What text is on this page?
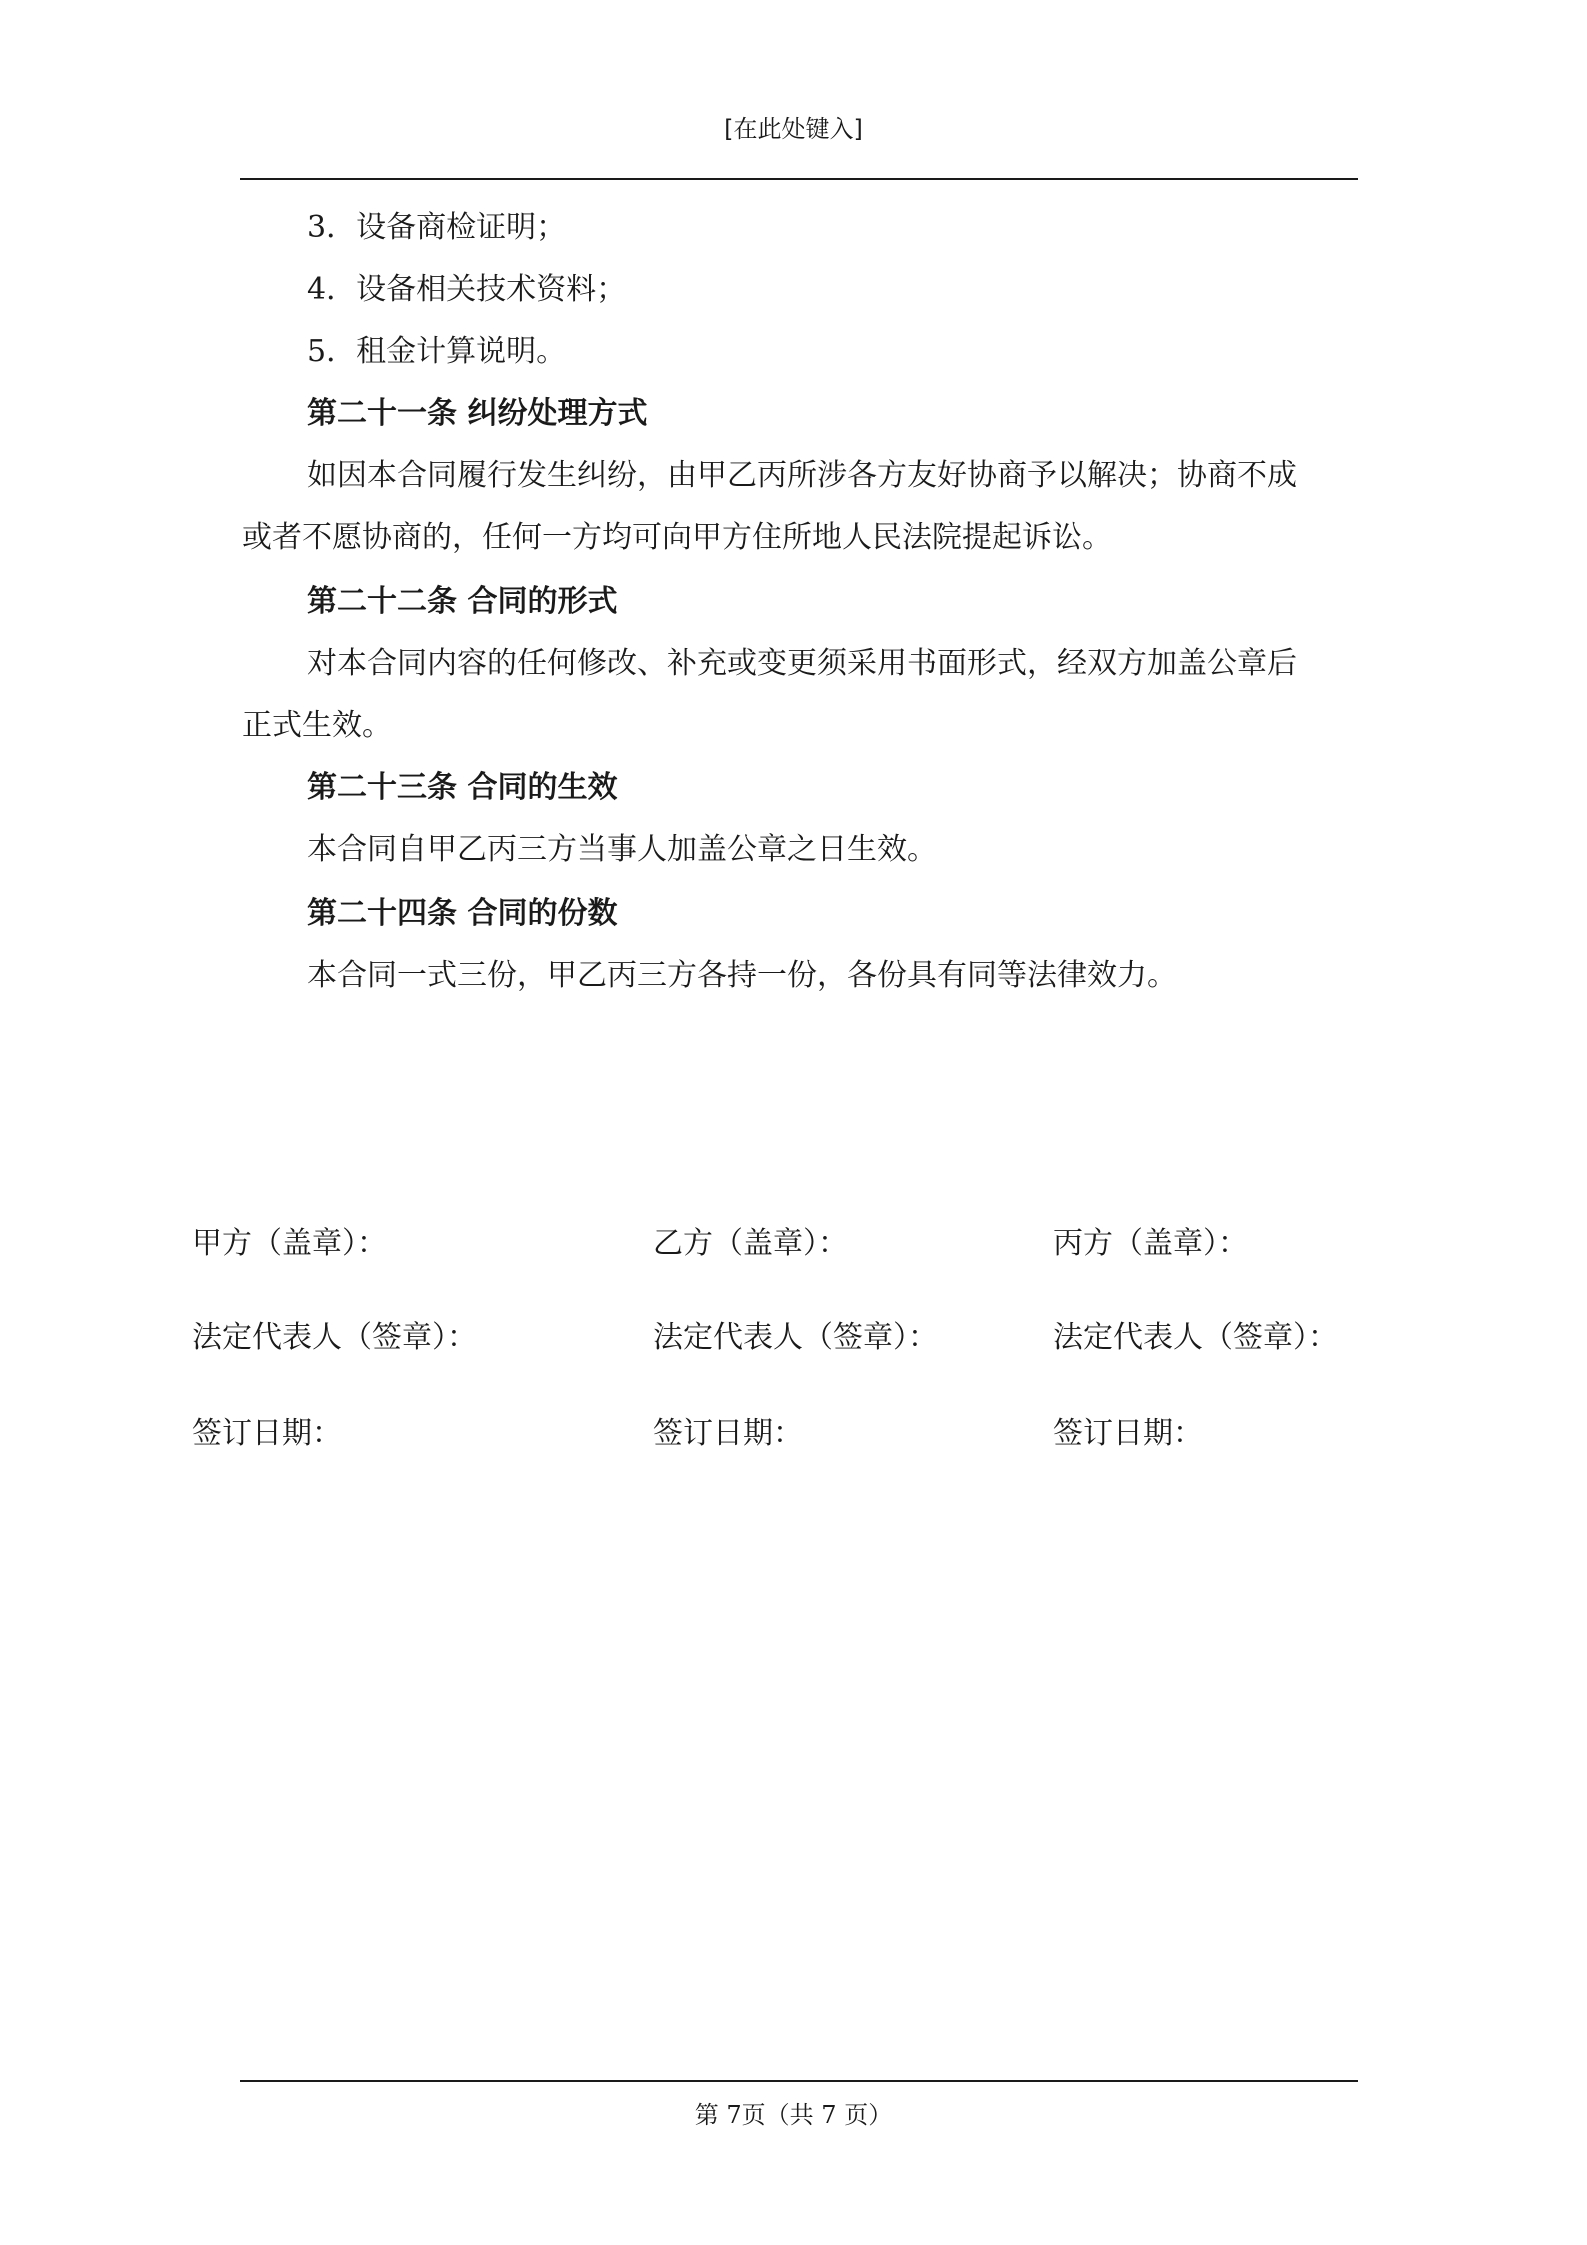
[在此处键入]
3．设备商检证明；
4．设备相关技术资料；
5．租金计算说明。
第二十一条 纠纷处理方式
如因本合同履行发生纠纷，由甲乙丙所涉各方友好协商予以解决；协商不成
或者不愿协商的，任何一方均可向甲方住所地人民法院提起诉讼。
第二十二条 合同的形式
对本合同内容的任何修改、补充或变更须采用书面形式，经双方加盖公章后
正式生效。
第二十三条 合同的生效
本合同自甲乙丙三方当事人加盖公章之日生效。
第二十四条 合同的份数
本合同一式三份，甲乙丙三方各持一份，各份具有同等法律效力。
甲方（盖章）：	乙方（盖章）：	丙方（盖章）：
法定代表人（签章）：	法定代表人（签章）：	法定代表人（签章）：
签订日期：	签订日期：	签订日期：
第 7页（共 7 页）
